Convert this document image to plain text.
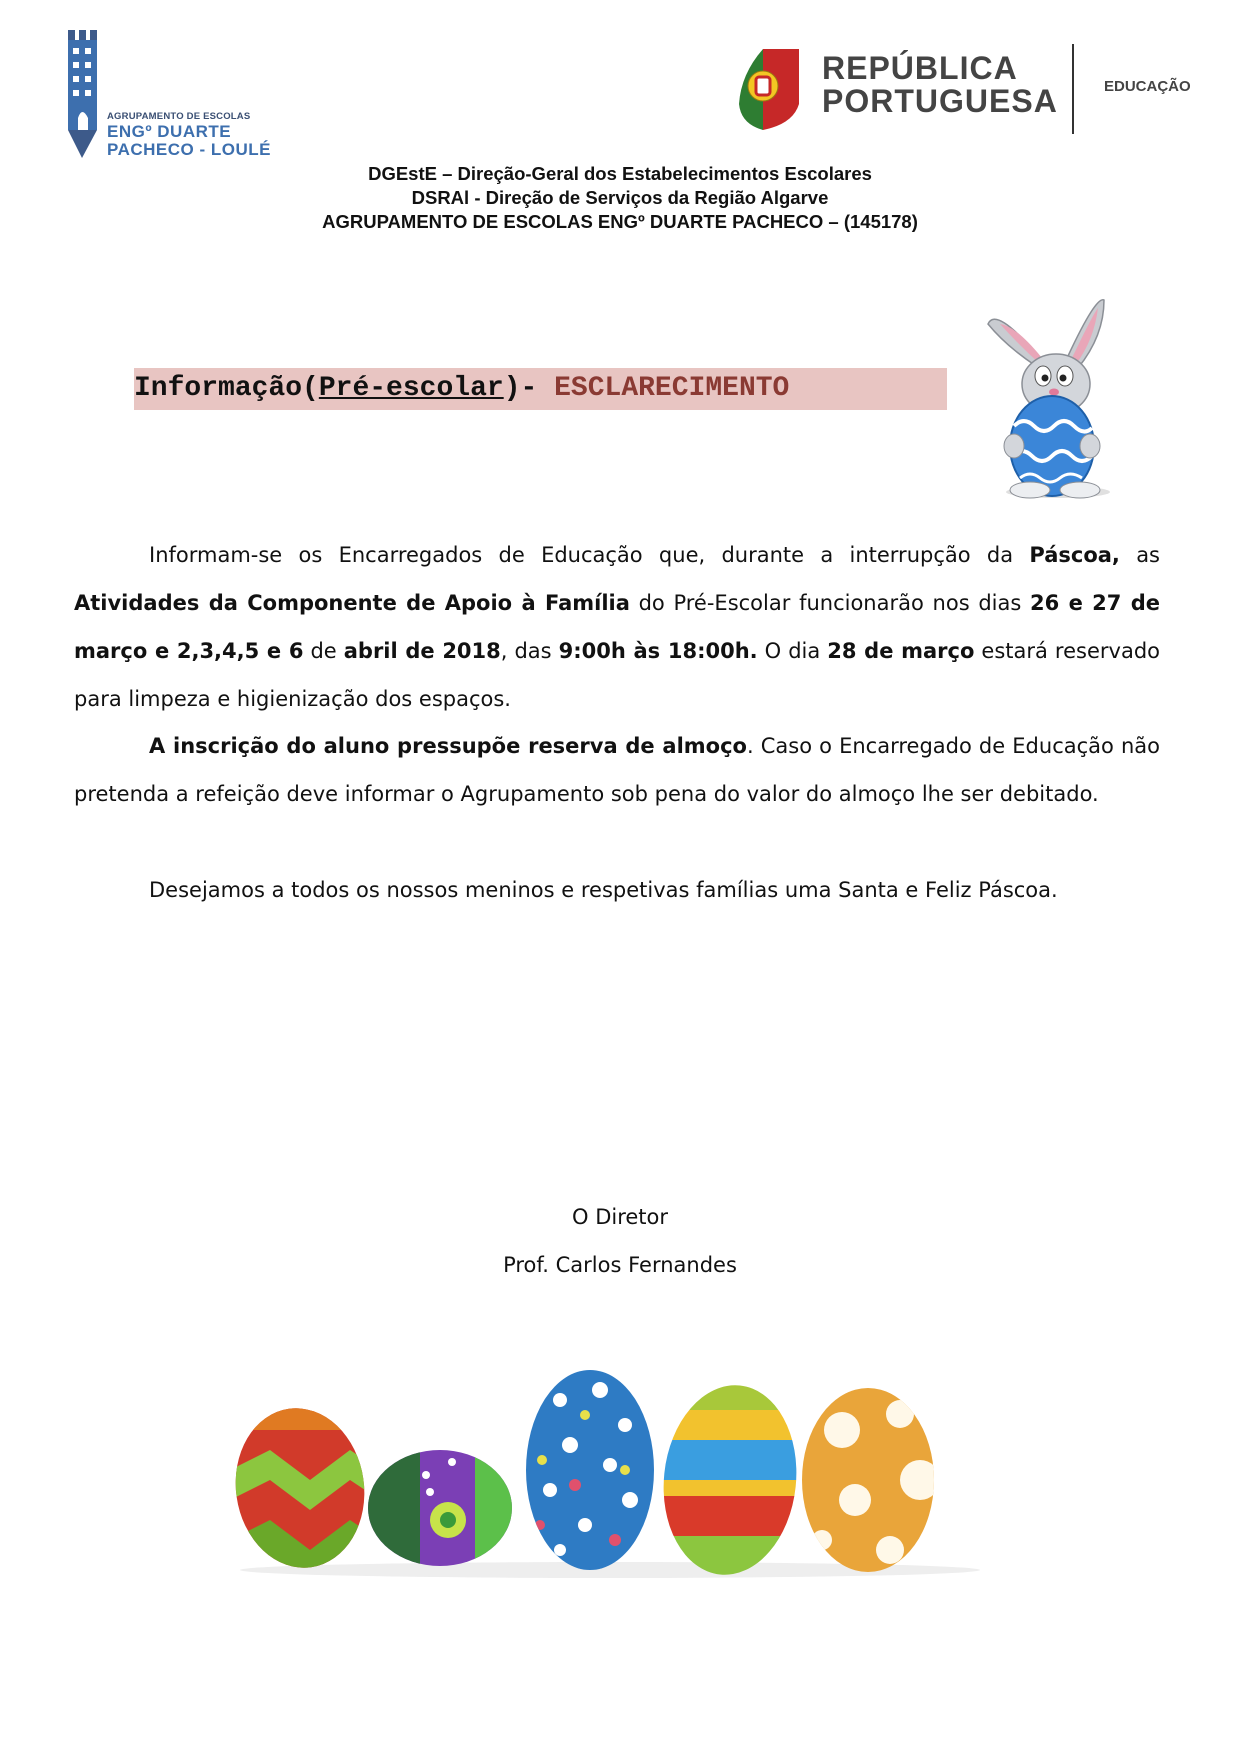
AGRUPAMENTO DE ESCOLAS
ENGº DUARTE
PACHECO - LOULÉ
REPÚBLICA
PORTUGUESA	EDUCAÇÃO
DGEstE – Direção-Geral dos Estabelecimentos Escolares
DSRAl - Direção de Serviços da Região Algarve
AGRUPAMENTO DE ESCOLAS ENGº DUARTE PACHECO – (145178)
Informação(Pré-escolar)- ESCLARECIMENTO
Informam-se os Encarregados de Educação que, durante a interrupção da Páscoa, as Atividades da Componente de Apoio à Família do Pré-Escolar funcionarão nos dias 26 e 27 de março e 2,3,4,5 e 6 de abril de 2018, das 9:00h às 18:00h. O dia 28 de março estará reservado para limpeza e higienização dos espaços.
A inscrição do aluno pressupõe reserva de almoço. Caso o Encarregado de Educação não pretenda a refeição deve informar o Agrupamento sob pena do valor do almoço lhe ser debitado.
Desejamos a todos os nossos meninos e respetivas famílias uma Santa e Feliz Páscoa.
O Diretor
Prof. Carlos Fernandes
